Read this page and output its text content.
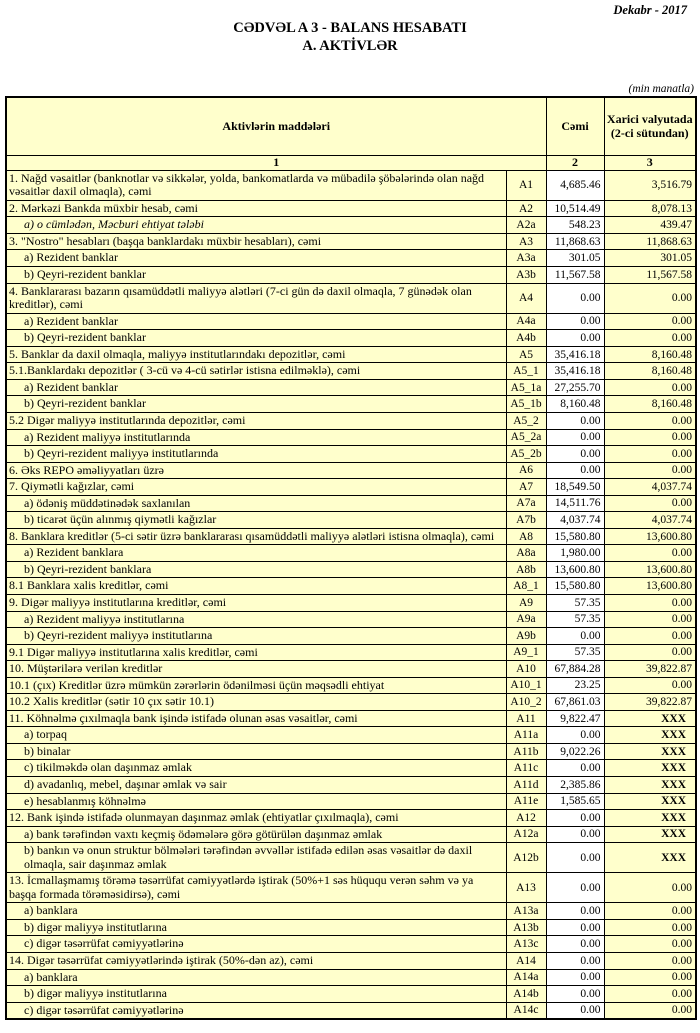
Dekabr - 2017
CƏDVƏL A 3 - BALANS HESABATI
A. AKTİVLƏR
(min manatla)
Aktivlərin maddələri		Cəmi	Xarici valyutada (2-ci sütundan)
1		2	3
1. Nağd vəsaitlər (banknotlar və sikkələr, yolda, bankomatlarda və mübadilə şöbələrində olan nağd vəsaitlər daxil olmaqla), cəmi	A1	4,685.46	3,516.79
2. Mərkəzi Bankda müxbir hesab, cəmi	A2	10,514.49	8,078.13
a) o cümlədən, Məcburi ehtiyat tələbi	A2a	548.23	439.47
3. "Nostro" hesabları (başqa banklardakı müxbir hesabları), cəmi	A3	11,868.63	11,868.63
a) Rezident banklar	A3a	301.05	301.05
b) Qeyri-rezident banklar	A3b	11,567.58	11,567.58
4. Banklararası bazarın qısamüddətli maliyyə alətləri (7-ci gün də daxil olmaqla, 7 günədək olan kreditlər), cəmi	A4	0.00	0.00
a) Rezident banklar	A4a	0.00	0.00
b) Qeyri-rezident banklar	A4b	0.00	0.00
5. Banklar da daxil olmaqla, maliyyə institutlarındakı depozitlər, cəmi	A5	35,416.18	8,160.48
5.1.Banklardakı depozitlər ( 3-cü və 4-cü sətirlər istisna edilməklə), cəmi	A5_1	35,416.18	8,160.48
a) Rezident banklar	A5_1a	27,255.70	0.00
b) Qeyri-rezident banklar	A5_1b	8,160.48	8,160.48
5.2 Digər maliyyə institutlarında depozitlər, cəmi	A5_2	0.00	0.00
a) Rezident maliyyə institutlarında	A5_2a	0.00	0.00
b) Qeyri-rezident maliyyə institutlarında	A5_2b	0.00	0.00
6. Əks REPO əməliyyatları üzrə	A6	0.00	0.00
7. Qiymətli kağızlar, cəmi	A7	18,549.50	4,037.74
a) ödəniş müddətinədək saxlanılan	A7a	14,511.76	0.00
b) ticarət üçün alınmış qiymətli kağızlar	A7b	4,037.74	4,037.74
8. Banklara kreditlər (5-ci sətir üzrə banklararası qısamüddətli maliyyə alətləri istisna olmaqla), cəmi	A8	15,580.80	13,600.80
a) Rezident banklara	A8a	1,980.00	0.00
b) Qeyri-rezident banklara	A8b	13,600.80	13,600.80
8.1 Banklara xalis kreditlər, cəmi	A8_1	15,580.80	13,600.80
9. Digər maliyyə institutlarına kreditlər, cəmi	A9	57.35	0.00
a) Rezident maliyyə institutlarına	A9a	57.35	0.00
b) Qeyri-rezident maliyyə institutlarına	A9b	0.00	0.00
9.1 Digər maliyyə institutlarına xalis kreditlər, cəmi	A9_1	57.35	0.00
10. Müştərilərə verilən kreditlər	A10	67,884.28	39,822.87
10.1 (çıx) Kreditlər üzrə mümkün zərərlərin ödənilməsi üçün məqsədli ehtiyat	A10_1	23.25	0.00
10.2 Xalis kreditlər (sətir 10 çıx sətir 10.1)	A10_2	67,861.03	39,822.87
11. Köhnəlmə çıxılmaqla bank işində istifadə olunan əsas vəsaitlər, cəmi	A11	9,822.47	XXX
a) torpaq	A11a	0.00	XXX
b) binalar	A11b	9,022.26	XXX
c) tikilməkdə olan daşınmaz əmlak	A11c	0.00	XXX
d) avadanlıq, mebel, daşınar əmlak və sair	A11d	2,385.86	XXX
e) hesablanmış köhnəlmə	A11e	1,585.65	XXX
12. Bank işində istifadə olunmayan daşınmaz əmlak (ehtiyatlar çıxılmaqla), cəmi	A12	0.00	XXX
a) bank tərəfindən vaxtı keçmiş ödəmələrə görə götürülən daşınmaz əmlak	A12a	0.00	XXX
b) bankın və onun struktur bölmələri tərəfindən əvvəllər istifadə edilən əsas vəsaitlər də daxil olmaqla, sair daşınmaz əmlak	A12b	0.00	XXX
13. İcmallaşmamış törəmə təsərrüfat cəmiyyətlərdə iştirak (50%+1 səs hüququ verən səhm və ya başqa formada törəməsidirsə), cəmi	A13	0.00	0.00
a) banklara	A13a	0.00	0.00
b) digər maliyyə institutlarına	A13b	0.00	0.00
c) digər təsərrüfat cəmiyyətlərinə	A13c	0.00	0.00
14. Digər təsərrüfat cəmiyyətlərində iştirak (50%-dən az), cəmi	A14	0.00	0.00
a) banklara	A14a	0.00	0.00
b) digər maliyyə institutlarına	A14b	0.00	0.00
c) digər təsərrüfat cəmiyyətlərinə	A14c	0.00	0.00
